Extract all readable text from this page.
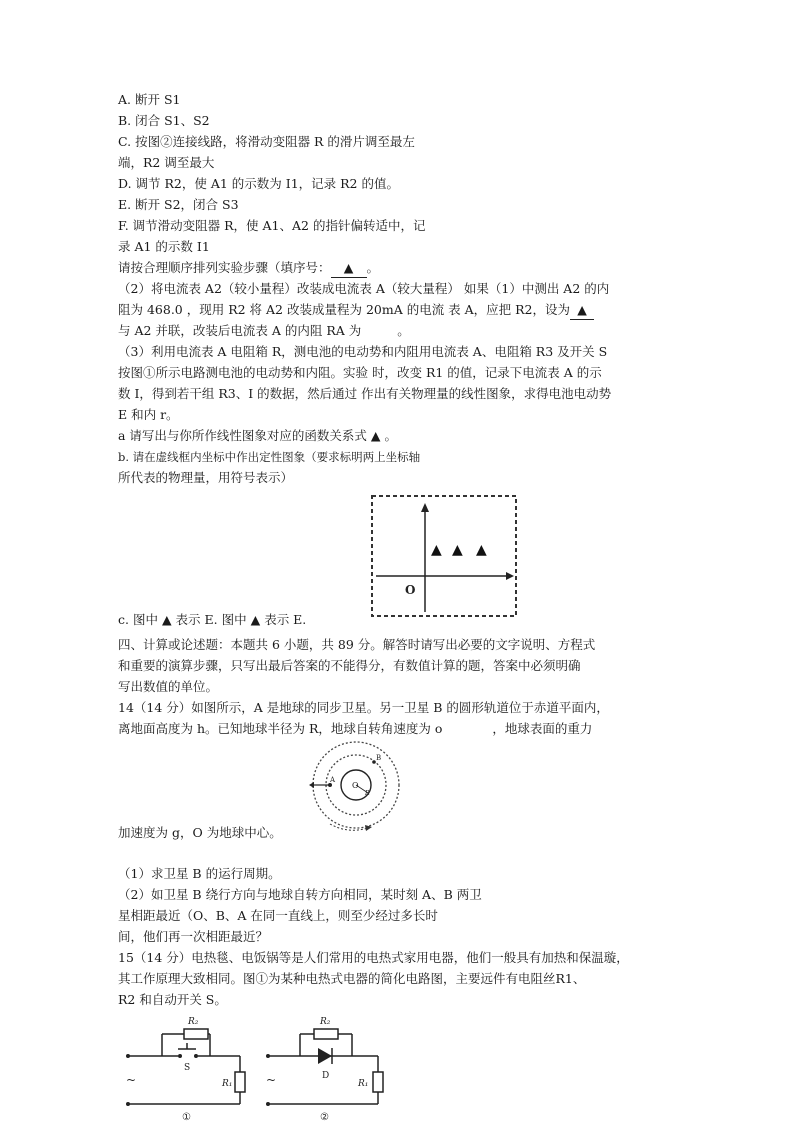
A. 断开 S1
B. 闭合 S1、S2
C. 按图②连接线路，将滑动变阻器 R 的滑片调至最左
端，R2 调至最大
D. 调节 R2，使 A1 的示数为 I1，记录 R2 的值。
E. 断开 S2，闭合 S3
F. 调节滑动变阻器 R，使 A1、A2 的指针偏转适中，记
录 A1 的示数 I1
请按合理顺序排列实验步骤（填序号： ▲ 。
（2）将电流表 A2（较小量程）改装成电流表 A（较大量程） 如果（1）中测出 A2 的内
阻为 468.0 ，现用 R2 将 A2 改装成量程为 20mA 的电流 表 A，应把 R2，设为 ▲
与 A2 并联，改装后电流表 A 的内阻 RA 为	。
（3）利用电流表 A 电阻箱 R，测电池的电动势和内阻用电流表 A、电阻箱 R3 及开关 S
按图①所示电路测电池的电动势和内阻。实验 时，改变 R1 的值，记录下电流表 A 的示
数 I，得到若干组 R3、I 的数据，然后通过 作出有关物理量的线性图象，求得电池电动势
E 和内 r。
a 请写出与你所作线性图象对应的函数关系式 ▲ 。
b. 请在虚线框内坐标中作出定性图象（要求标明两上坐标轴
所代表的物理量，用符号表示）
O
▲ ▲ ▲
c. 图中 ▲ 表示 E. 图中 ▲ 表示 E.
四、计算或论述题：本题共 6 小题，共 89 分。解答时请写出必要的文字说明、方程式
和重要的演算步骤，只写出最后答案的不能得分，有数值计算的题，答案中必须明确
写出数值的单位。
14（14 分）如图所示，A 是地球的同步卫星。另一卫星 B 的圆形轨道位于赤道平面内，
离地面高度为 h。已知地球半径为 R，地球自转角速度为 o	，地球表面的重力
A
B
O
R
加速度为 g，O 为地球中心。
（1）求卫星 B 的运行周期。
（2）如卫星 B 绕行方向与地球自转方向相同，某时刻 A、B 两卫
星相距最近（O、B、A 在同一直线上，则至少经过多长时
间，他们再一次相距最近？
15（14 分）电热毯、电饭锅等是人们常用的电热式家用电器，他们一般具有加热和保温璇，
其工作原理大致相同。图①为某种电热式电器的简化电路图，主要远件有电阻丝R1、
R2 和自动开关 S。
R₂
S
R₁
~
①
R₂
D
R₁
~
②
